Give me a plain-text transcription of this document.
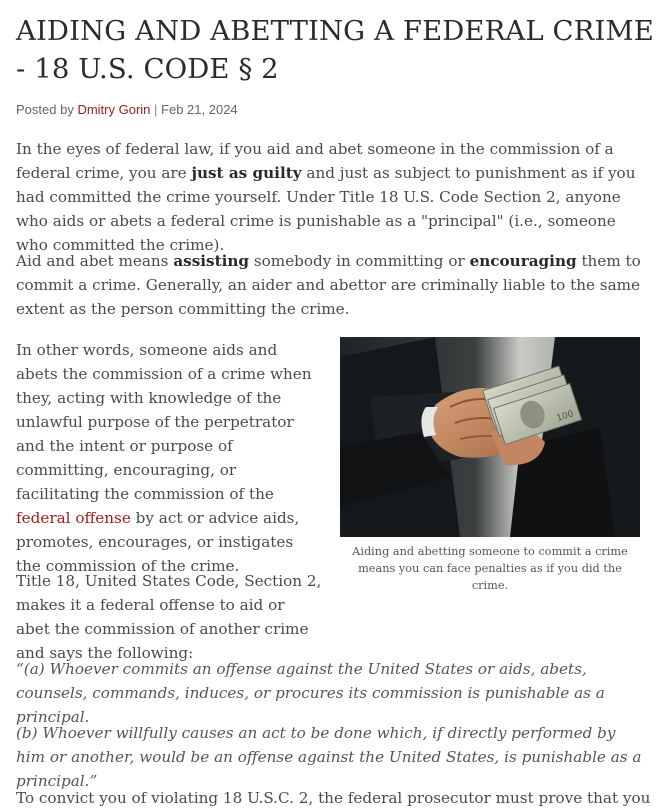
AIDING AND ABETTING A FEDERAL CRIME - 18 U.S. CODE § 2
Posted by Dmitry Gorin | Feb 21, 2024

In the eyes of federal law, if you aid and abet someone in the commission of a federal crime, you are just as guilty and just as subject to punishment as if you had committed the crime yourself. Under Title 18 U.S. Code Section 2, anyone who aids or abets a federal crime is punishable as a "principal" (i.e., someone who committed the crime).

Aid and abet means assisting somebody in committing or encouraging them to commit a crime. Generally, an aider and abettor are criminally liable to the same extent as the person committing the crime.

In other words, someone aids and abets the commission of a crime when they, acting with knowledge of the unlawful purpose of the perpetrator and the intent or purpose of committing, encouraging, or facilitating the commission of the federal offense by act or advice aids, promotes, encourages, or instigates the commission of the crime.

100
Aiding and abetting someone to commit a crime means you can face penalties as if you did the crime.

Title 18, United States Code, Section 2, makes it a federal offense to aid or abet the commission of another crime and says the following:

“(a) Whoever commits an offense against the United States or aids, abets, counsels, commands, induces, or procures its commission is punishable as a principal.

(b) Whoever willfully causes an act to be done which, if directly performed by him or another, would be an offense against the United States, is punishable as a principal.”

To convict you of violating 18 U.S.C. 2, the federal prosecutor must prove that you
